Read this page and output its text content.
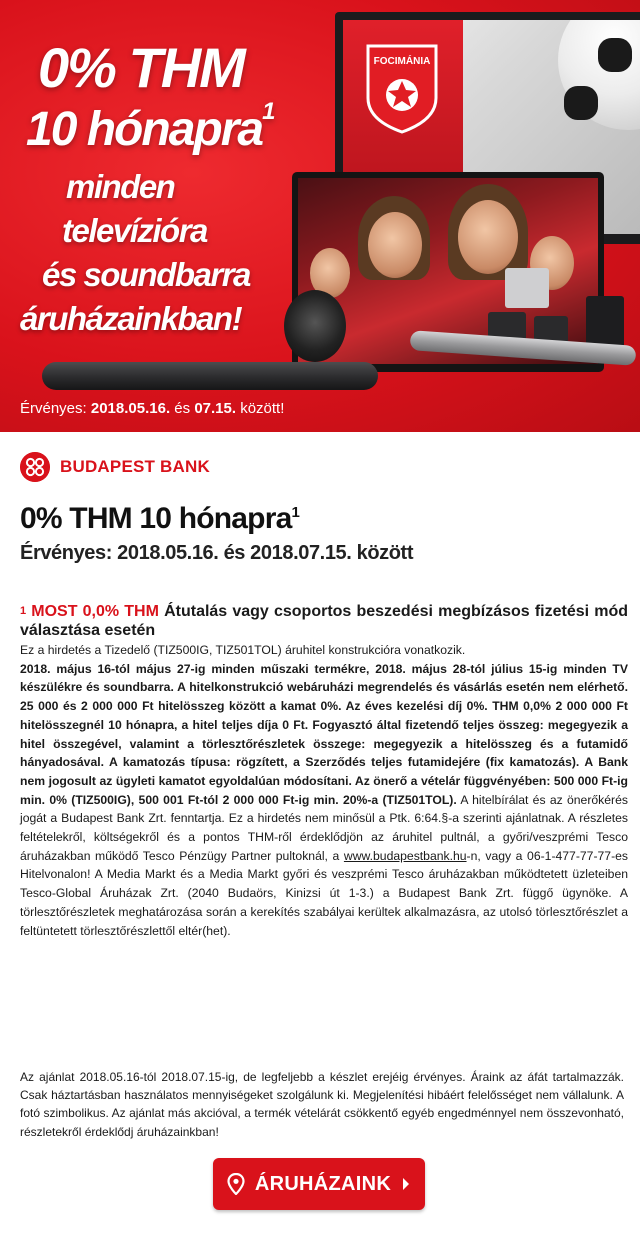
FOCIMÁNIA
0% THM
10 hónapra$^1$
minden
televízióra
és soundbarra
áruházainkban!
Érvényes: 2018.05.16. és 07.15. között!
BUDAPEST BANK
0% THM 10 hónapra$^1$
Érvényes: 2018.05.16. és 2018.07.15. között
$^1$ MOST 0,0% THM Átutalás vagy csoportos beszedési megbízásos fizetési mód választása esetén
Ez a hirdetés a Tizedelő (TIZ500IG, TIZ501TOL) áruhitel konstrukcióra vonatkozik.
2018. május 16-tól május 27-ig minden műszaki termékre, 2018. május 28-tól július 15-ig minden TV készülékre és soundbarra. A hitelkonstrukció webáruházi megrendelés és vásárlás esetén nem elérhető. 25 000 és 2 000 000 Ft hitelösszeg között a kamat 0%. Az éves kezelési díj 0%. THM 0,0% 2 000 000 Ft hitelösszegnél 10 hónapra, a hitel teljes díja 0 Ft. Fogyasztó által fizetendő teljes összeg: megegyezik a hitel összegével, valamint a törlesztőrészletek összege: megegyezik a hitelösszeg és a futamidő hányadosával. A kamatozás típusa: rögzített, a Szerződés teljes futamidejére (fix kamatozás). A Bank nem jogosult az ügyleti kamatot egyoldalúan módosítani. Az önerő a vételár függvényében: 500 000 Ft-ig min. 0% (TIZ500IG), 500 001 Ft-tól 2 000 000 Ft-ig min. 20%-a (TIZ501TOL). A hitelbírálat és az önerőkérés jogát a Budapest Bank Zrt. fenntartja. Ez a hirdetés nem minősül a Ptk. 6:64.§-a szerinti ajánlatnak. A részletes feltételekről, költségekről és a pontos THM-ről érdeklődjön az áruhitel pultnál, a győri/veszprémi Tesco áruházakban működő Tesco Pénzügy Partner pultoknál, a www.budapestbank.hu-n, vagy a 06-1-477-77-77-es Hitelvonalon! A Media Markt és a Media Markt győri és veszprémi Tesco áruházakban működtetett üzleteiben Tesco-Global Áruházak Zrt. (2040 Budaörs, Kinizsi út 1-3.) a Budapest Bank Zrt. függő ügynöke. A törlesztőrészletek meghatározása során a kerekítés szabályai kerültek alkalmazásra, az utolsó törlesztőrészlet a feltüntetett törlesztőrészlettől eltér(het).
Az ajánlat 2018.05.16-tól 2018.07.15-ig, de legfeljebb a készlet erejéig érvényes. Áraink az áfát tartalmazzák. Csak háztartásban használatos mennyiségeket szolgálunk ki. Megjelenítési hibáért felelősséget nem vállalunk. A fotó szimbolikus. Az ajánlat más akcióval, a termék vételárát csökkentő egyéb engedménnyel nem összevonható, részletekről érdeklődj áruházainkban!
ÁRUHÁZAINK
